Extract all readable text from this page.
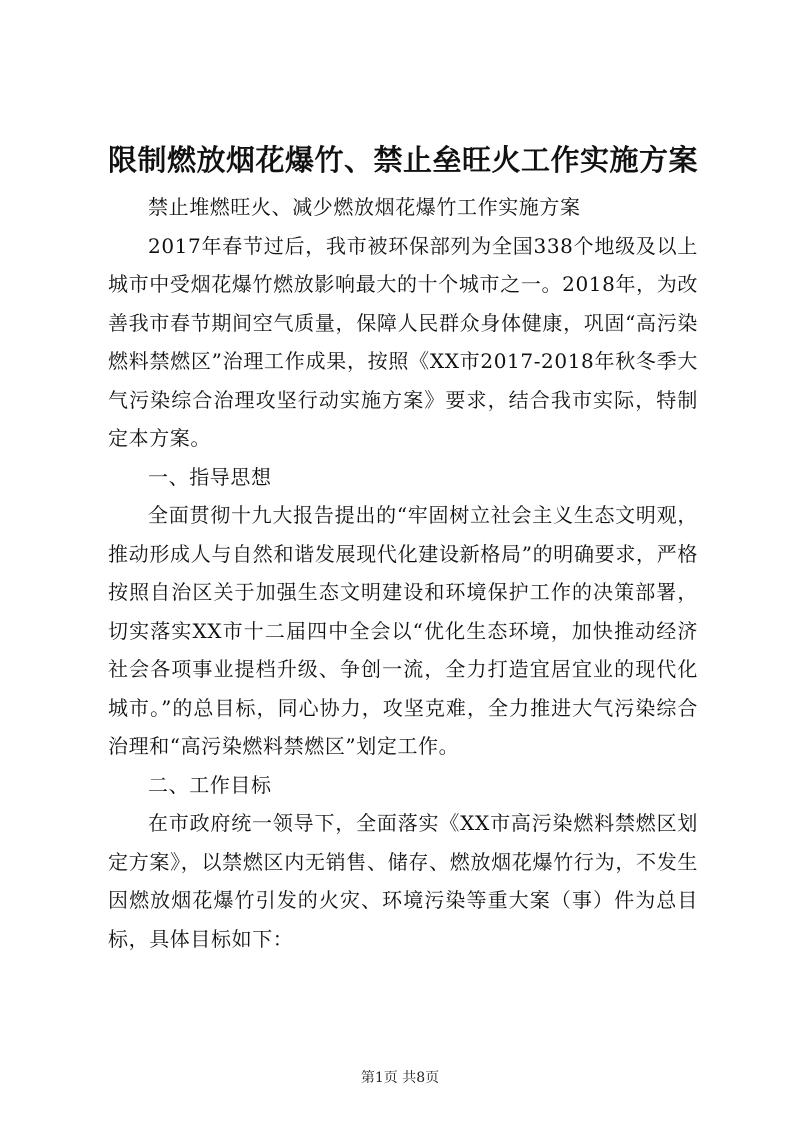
限制燃放烟花爆竹、禁止垒旺火工作实施方案

禁止堆燃旺火、减少燃放烟花爆竹工作实施方案

2017年春节过后，我市被环保部列为全国338个地级及以上城市中受烟花爆竹燃放影响最大的十个城市之一。2018年，为改善我市春节期间空气质量，保障人民群众身体健康，巩固“高污染燃料禁燃区”治理工作成果，按照《XX市2017-2018年秋冬季大气污染综合治理攻坚行动实施方案》要求，结合我市实际，特制定本方案。

一、指导思想

全面贯彻十九大报告提出的“牢固树立社会主义生态文明观，推动形成人与自然和谐发展现代化建设新格局”的明确要求，严格按照自治区关于加强生态文明建设和环境保护工作的决策部署，切实落实XX市十二届四中全会以“优化生态环境，加快推动经济社会各项事业提档升级、争创一流，全力打造宜居宜业的现代化城市。”的总目标，同心协力，攻坚克难，全力推进大气污染综合治理和“高污染燃料禁燃区”划定工作。

二、工作目标

在市政府统一领导下，全面落实《XX市高污染燃料禁燃区划定方案》，以禁燃区内无销售、储存、燃放烟花爆竹行为，不发生因燃放烟花爆竹引发的火灾、环境污染等重大案（事）件为总目标，具体目标如下：

第1页 共8页
